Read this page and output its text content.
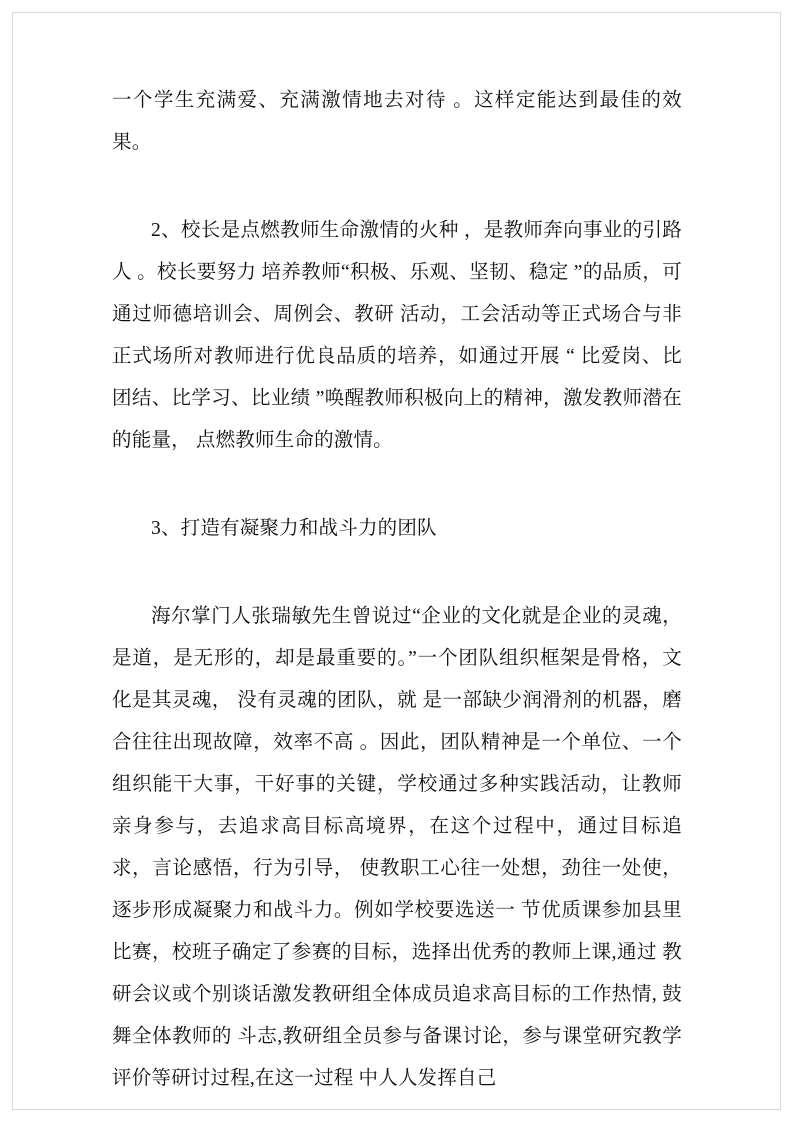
一个学生充满爱、充满激情地去对待 。这样定能达到最佳的效果。

2、校长是点燃教师生命激情的火种 ，是教师奔向事业的引路人 。校长要努力 培养教师“积极、乐观、坚韧、稳定 ”的品质，可通过师德培训会、周例会、教研 活动，工会活动等正式场合与非正式场所对教师进行优良品质的培养，如通过开展 “ 比爱岗、比团结、比学习、比业绩 ”唤醒教师积极向上的精神，激发教师潜在的能量， 点燃教师生命的激情。

3、打造有凝聚力和战斗力的团队

海尔掌门人张瑞敏先生曾说过“企业的文化就是企业的灵魂，是道，是无形的，却是最重要的。”一个团队组织框架是骨格，文化是其灵魂， 没有灵魂的团队，就 是一部缺少润滑剂的机器，磨合往往出现故障，效率不高 。因此，团队精神是一个单位、一个组织能干大事，干好事的关键，学校通过多种实践活动，让教师亲身参与，去追求高目标高境界，在这个过程中，通过目标追求，言论感悟，行为引导， 使教职工心往一处想，劲往一处使，逐步形成凝聚力和战斗力。例如学校要选送一 节优质课参加县里比赛，校班子确定了参赛的目标，选择出优秀的教师上课,通过 教研会议或个别谈话激发教研组全体成员追求高目标的工作热情, 鼓舞全体教师的 斗志,教研组全员参与备课讨论，参与课堂研究教学评价等研讨过程,在这一过程 中人人发挥自己
